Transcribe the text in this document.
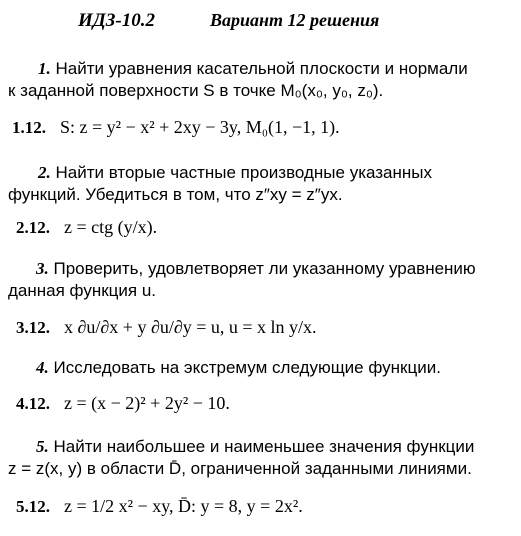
ИДЗ-10.2	Вариант 12 решения
1. Найти уравнения касательной плоскости и нормали
к заданной поверхности S в точке M₀(x₀, y₀, z₀).
1.12. S: z = y² − x² + 2xy − 3y, M₀(1, −1, 1).
2. Найти вторые частные производные указанных
функций. Убедиться в том, что z″xy = z″yx.
2.12. z = ctg (y/x).
3. Проверить, удовлетворяет ли указанному уравнению
данная функция u.
3.12. x ∂u/∂x + y ∂u/∂y = u, u = x ln y/x.
4. Исследовать на экстремум следующие функции.
4.12. z = (x − 2)² + 2y² − 10.
5. Найти наибольшее и наименьшее значения функции
z = z(x, y) в области D̄, ограниченной заданными линиями.
5.12. z = 1/2 x² − xy, D̄: y = 8, y = 2x².
